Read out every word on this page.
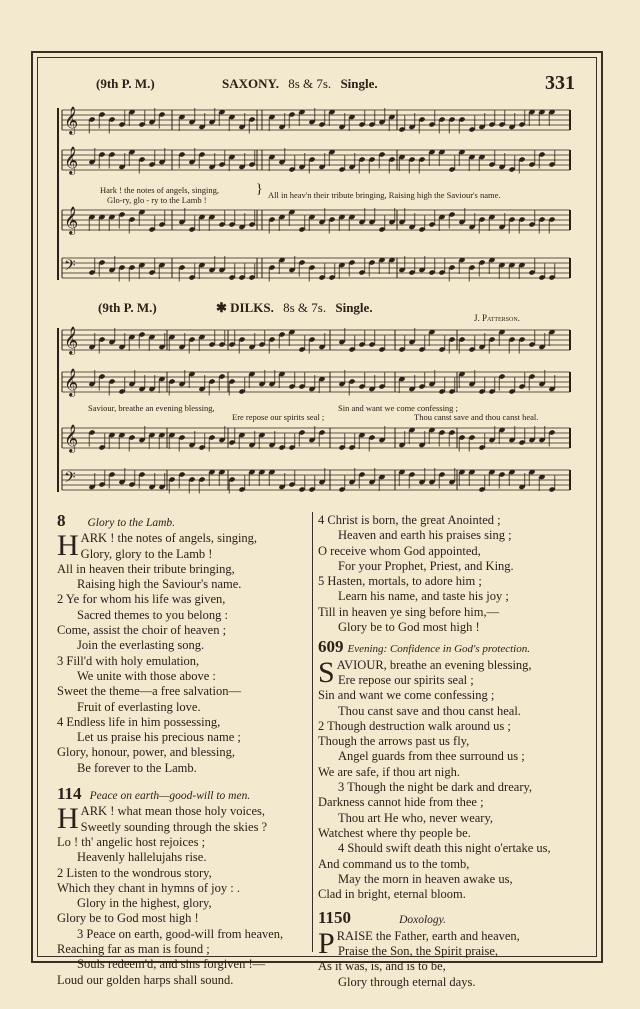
(9th P. M.)	SAXONY. 8s & 7s. Single.	331
(9th P. M.)	✱ DILKS. 8s & 7s. Single.
J. Patterson.
𝄞
𝄞
𝄞
𝄢
𝄞
𝄞
𝄞
𝄢
Hark ! the notes of angels, singing,
Glo-ry, glo - ry to the Lamb !
} All in heav'n their tribute bringing, Raising high the Saviour's name.
Saviour, breathe an evening blessing,
Ere repose our spirits seal ;
Sin and want we come confessing ;
Thou canst save and thou canst heal.
8 Glory to the Lamb.
HARK ! the notes of angels, singing,
Glory, glory to the Lamb !
All in heaven their tribute bringing,
Raising high the Saviour's name.
2 Ye for whom his life was given,
Sacred themes to you belong :
Come, assist the choir of heaven ;
Join the everlasting song.
3 Fill'd with holy emulation,
We unite with those above :
Sweet the theme—a free salvation—
Fruit of everlasting love.
4 Endless life in him possessing,
Let us praise his precious name ;
Glory, honour, power, and blessing,
Be forever to the Lamb.
114 Peace on earth—good-will to men.
HARK ! what mean those holy voices,
Sweetly sounding through the skies ?
Lo ! th' angelic host rejoices ;
Heavenly hallelujahs rise.
2 Listen to the wondrous story,
Which they chant in hymns of joy : .
Glory in the highest, glory,
Glory be to God most high !
3 Peace on earth, good-will from heaven,
Reaching far as man is found ;
Souls redeem'd, and sins forgiven !—
Loud our golden harps shall sound.
4 Christ is born, the great Anointed ;
Heaven and earth his praises sing ;
O receive whom God appointed,
For your Prophet, Priest, and King.
5 Hasten, mortals, to adore him ;
Learn his name, and taste his joy ;
Till in heaven ye sing before him,—
Glory be to God most high !
609 Evening: Confidence in God's protection.
SAVIOUR, breathe an evening blessing,
Ere repose our spirits seal ;
Sin and want we come confessing ;
Thou canst save and thou canst heal.
2 Though destruction walk around us ;
Though the arrows past us fly,
Angel guards from thee surround us ;
We are safe, if thou art nigh.
3 Though the night be dark and dreary,
Darkness cannot hide from thee ;
Thou art He who, never weary,
Watchest where thy people be.
4 Should swift death this night o'ertake us,
And command us to the tomb,
May the morn in heaven awake us,
Clad in bright, eternal bloom.
1150	Doxology.
PRAISE the Father, earth and heaven,
Praise the Son, the Spirit praise,
As it was, is, and is to be,
Glory through eternal days.
